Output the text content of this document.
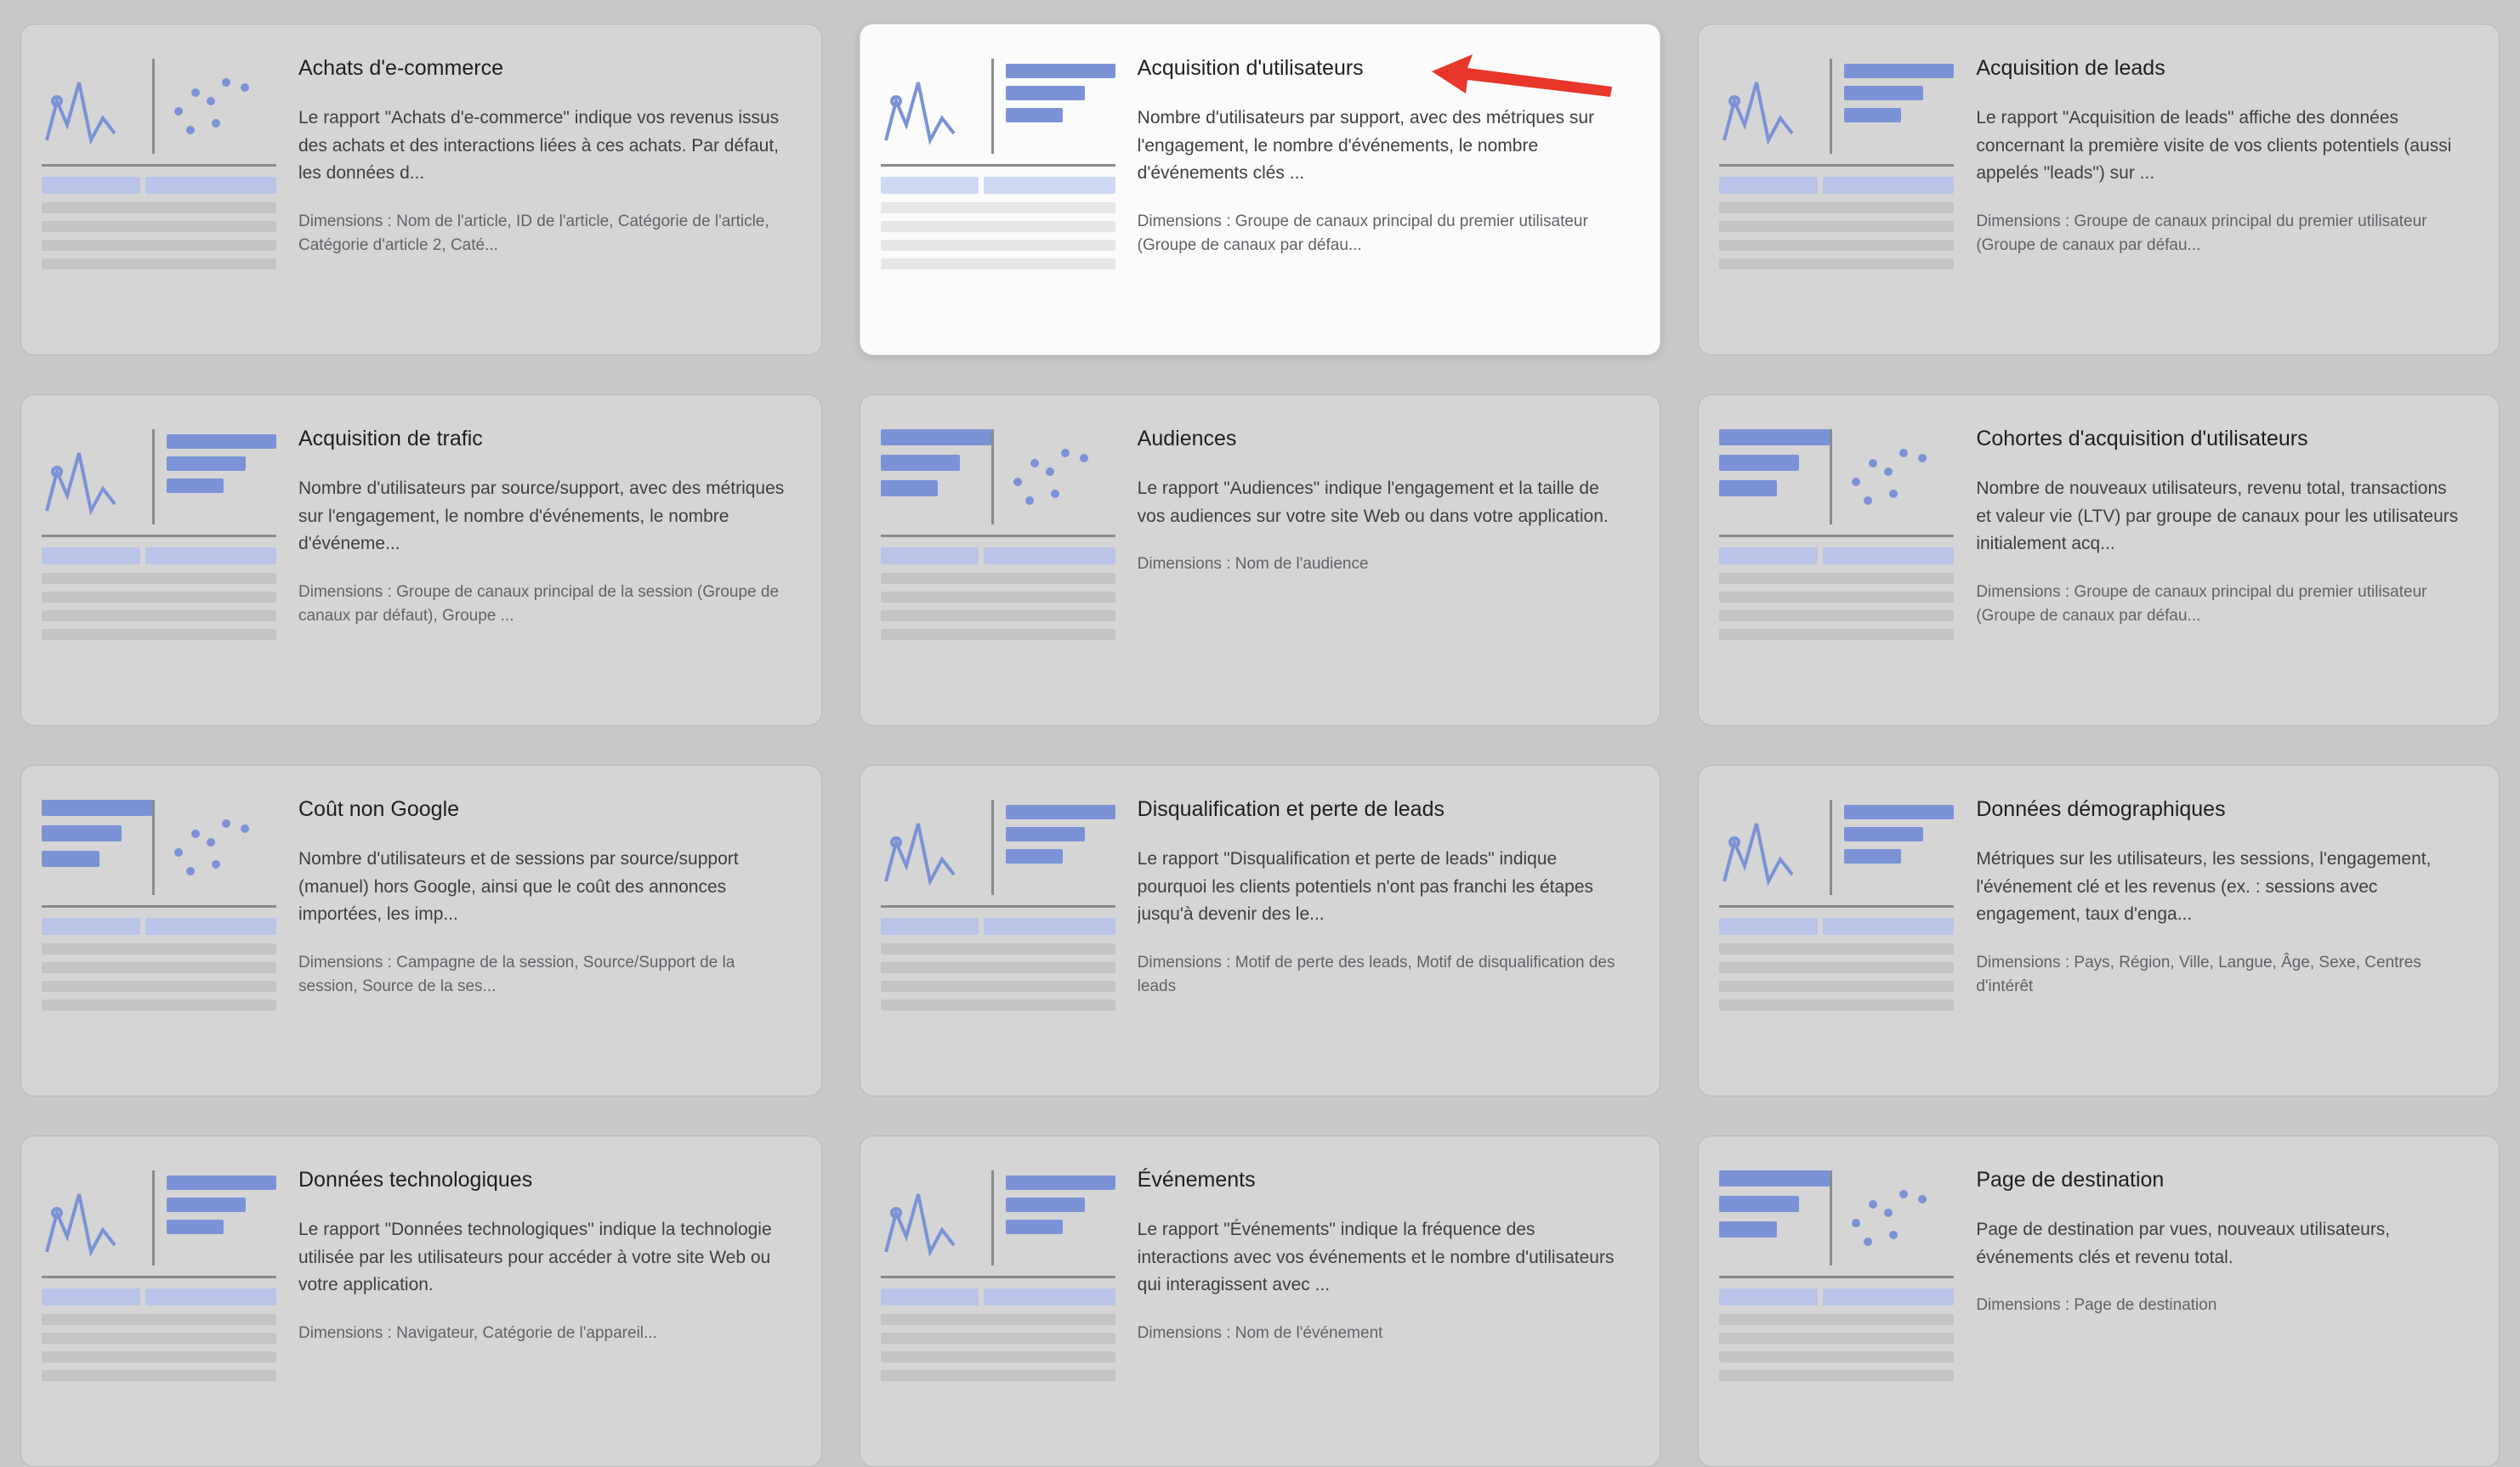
Achats d'e-commerce

Le rapport "Achats d'e-commerce" indique vos revenus issus des achats et des interactions liées à ces achats. Par défaut, les données d...

Dimensions : Nom de l'article, ID de l'article, Catégorie de l'article, Catégorie d'article 2, Caté...

Acquisition d'utilisateurs

Nombre d'utilisateurs par support, avec des métriques sur l'engagement, le nombre d'événements, le nombre d'événements clés ...

Dimensions : Groupe de canaux principal du premier utilisateur (Groupe de canaux par défau...

Acquisition de leads

Le rapport "Acquisition de leads" affiche des données concernant la première visite de vos clients potentiels (aussi appelés "leads") sur ...

Dimensions : Groupe de canaux principal du premier utilisateur (Groupe de canaux par défau...

Acquisition de trafic

Nombre d'utilisateurs par source/support, avec des métriques sur l'engagement, le nombre d'événements, le nombre d'événeme...

Dimensions : Groupe de canaux principal de la session (Groupe de canaux par défaut), Groupe ...

Audiences

Le rapport "Audiences" indique l'engagement et la taille de vos audiences sur votre site Web ou dans votre application.

Dimensions : Nom de l'audience

Cohortes d'acquisition d'utilisateurs

Nombre de nouveaux utilisateurs, revenu total, transactions et valeur vie (LTV) par groupe de canaux pour les utilisateurs initialement acq...

Dimensions : Groupe de canaux principal du premier utilisateur (Groupe de canaux par défau...

Coût non Google

Nombre d'utilisateurs et de sessions par source/support (manuel) hors Google, ainsi que le coût des annonces importées, les imp...

Dimensions : Campagne de la session, Source/Support de la session, Source de la ses...

Disqualification et perte de leads

Le rapport "Disqualification et perte de leads" indique pourquoi les clients potentiels n'ont pas franchi les étapes jusqu'à devenir des le...

Dimensions : Motif de perte des leads, Motif de disqualification des leads

Données démographiques

Métriques sur les utilisateurs, les sessions, l'engagement, l'événement clé et les revenus (ex. : sessions avec engagement, taux d'enga...

Dimensions : Pays, Région, Ville, Langue, Âge, Sexe, Centres d'intérêt

Données technologiques

Le rapport "Données technologiques" indique la technologie utilisée par les utilisateurs pour accéder à votre site Web ou votre application.

Dimensions : Navigateur, Catégorie de l'appareil...

Événements

Le rapport "Événements" indique la fréquence des interactions avec vos événements et le nombre d'utilisateurs qui interagissent avec ...

Dimensions : Nom de l'événement

Page de destination

Page de destination par vues, nouveaux utilisateurs, événements clés et revenu total.

Dimensions : Page de destination
